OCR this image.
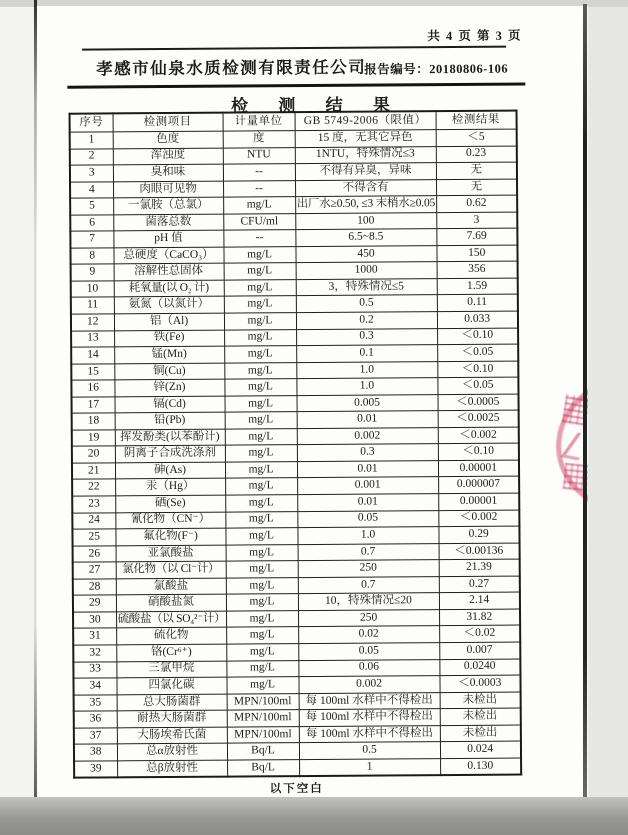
共 4 页 第 3 页
孝感市仙泉水质检测有限责任公司
报告编号：20180806-106
检 测 结 果
序号	检测项目	计量单位	GB 5749-2006（限值）	检测结果
1	色度	度	15 度，无其它异色	＜5
2	浑浊度	NTU	1NTU，特殊情况≤3	0.23
3	臭和味	--	不得有异臭，异味	无
4	肉眼可见物	--	不得含有	无
5	一氯胺（总氯）	mg/L	出厂水≥0.50, ≤3 末梢水≥0.05	0.62
6	菌落总数	CFU/ml	100	3
7	pH 值	--	6.5~8.5	7.69
8	总硬度（CaCO₃）	mg/L	450	150
9	溶解性总固体	mg/L	1000	356
10	耗氧量(以 O₂ 计)	mg/L	3，特殊情况≤5	1.59
11	氨氮（以氮计）	mg/L	0.5	0.11
12	铝（Al)	mg/L	0.2	0.033
13	铁(Fe)	mg/L	0.3	＜0.10
14	锰(Mn)	mg/L	0.1	＜0.05
15	铜(Cu)	mg/L	1.0	＜0.10
16	锌(Zn)	mg/L	1.0	＜0.05
17	镉(Cd)	mg/L	0.005	＜0.0005
18	铅(Pb)	mg/L	0.01	＜0.0025
19	挥发酚类(以苯酚计)	mg/L	0.002	＜0.002
20	阴离子合成洗涤剂	mg/L	0.3	＜0.10
21	砷(As)	mg/L	0.01	0.00001
22	汞（Hg）	mg/L	0.001	0.000007
23	硒(Se)	mg/L	0.01	0.00001
24	氰化物（CN⁻）	mg/L	0.05	＜0.002
25	氟化物(F⁻)	mg/L	1.0	0.29
26	亚氯酸盐	mg/L	0.7	＜0.00136
27	氯化物（以 Cl⁻计）	mg/L	250	21.39
28	氯酸盐	mg/L	0.7	0.27
29	硝酸盐氮	mg/L	10，特殊情况≤20	2.14
30	硫酸盐（以 SO₄²⁻计）	mg/L	250	31.82
31	硫化物	mg/L	0.02	＜0.02
32	铬(Cr⁶⁺)	mg/L	0.05	0.007
33	三氯甲烷	mg/L	0.06	0.0240
34	四氯化碳	mg/L	0.002	＜0.0003
35	总大肠菌群	MPN/100ml	每 100ml 水样中不得检出	未检出
36	耐热大肠菌群	MPN/100ml	每 100ml 水样中不得检出	未检出
37	大肠埃希氏菌	MPN/100ml	每 100ml 水样中不得检出	未检出
38	总α放射性	Bq/L	0.5	0.024
39	总β放射性	Bq/L	1	0.130
以下空白
